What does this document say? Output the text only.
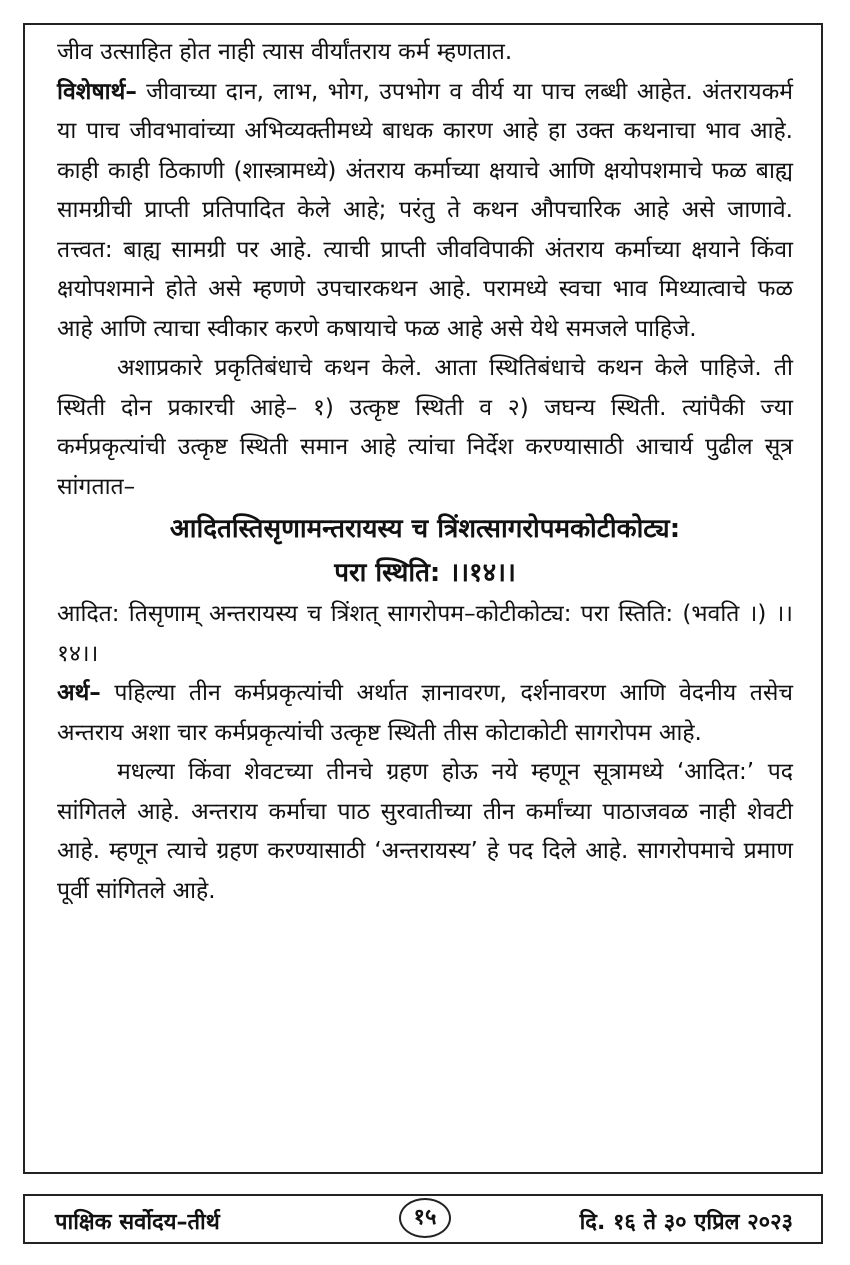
जीव उत्साहित होत नाही त्यास वीर्यांतराय कर्म म्हणतात.

विशेषार्थ– जीवाच्या दान, लाभ, भोग, उपभोग व वीर्य या पाच लब्धी आहेत. अंतरायकर्म या पाच जीवभावांच्या अभिव्यक्तीमध्ये बाधक कारण आहे हा उक्त कथनाचा भाव आहे. काही काही ठिकाणी (शास्त्रामध्ये) अंतराय कर्माच्या क्षयाचे आणि क्षयोपशमाचे फळ बाह्य सामग्रीची प्राप्ती प्रतिपादित केले आहे; परंतु ते कथन औपचारिक आहे असे जाणावे. तत्त्वत: बाह्य सामग्री पर आहे. त्याची प्राप्ती जीवविपाकी अंतराय कर्माच्या क्षयाने किंवा क्षयोपशमाने होते असे म्हणणे उपचारकथन आहे. परामध्ये स्वचा भाव मिथ्यात्वाचे फळ आहे आणि त्याचा स्वीकार करणे कषायाचे फळ आहे असे येथे समजले पाहिजे.

अशाप्रकारे प्रकृतिबंधाचे कथन केले. आता स्थितिबंधाचे कथन केले पाहिजे. ती स्थिती दोन प्रकारची आहे– १) उत्कृष्ट स्थिती व २) जघन्य स्थिती. त्यांपैकी ज्या कर्मप्रकृत्यांची उत्कृष्ट स्थिती समान आहे त्यांचा निर्देश करण्यासाठी आचार्य पुढील सूत्र सांगतात–

आदितस्तिसृणामन्तरायस्य च त्रिंशत्सागरोपमकोटीकोट्य:

परा स्थिति: ।।१४।।

आदित: तिसृणाम् अन्तरायस्य च त्रिंशत् सागरोपम–कोटीकोट्य: परा स्तिति: (भवति ।) ।।१४।।

अर्थ– पहिल्या तीन कर्मप्रकृत्यांची अर्थात ज्ञानावरण, दर्शनावरण आणि वेदनीय तसेच अन्तराय अशा चार कर्मप्रकृत्यांची उत्कृष्ट स्थिती तीस कोटाकोटी सागरोपम आहे.

मधल्या किंवा शेवटच्या तीनचे ग्रहण होऊ नये म्हणून सूत्रामध्ये ‘आदित:’ पद सांगितले आहे. अन्तराय कर्माचा पाठ सुरवातीच्या तीन कर्मांच्या पाठाजवळ नाही शेवटी आहे. म्हणून त्याचे ग्रहण करण्यासाठी ‘अन्तरायस्य’ हे पद दिले आहे. सागरोपमाचे प्रमाण पूर्वी सांगितले आहे.

पाक्षिक सर्वोदय–तीर्थ	१५	दि. १६ ते ३० एप्रिल २०२३
